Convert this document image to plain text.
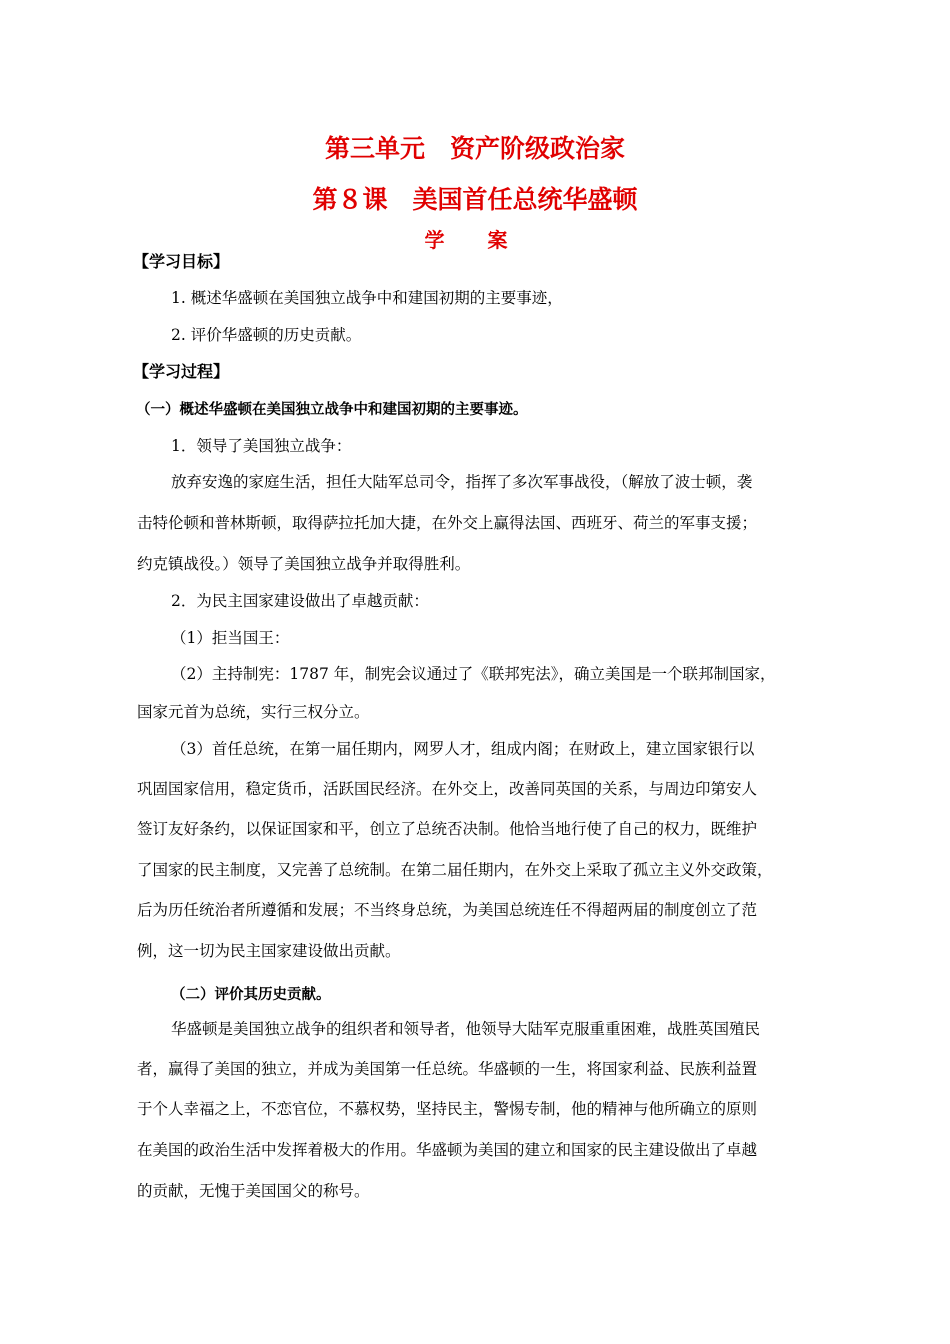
第三单元　资产阶级政治家
第８课　美国首任总统华盛顿
学 案
【学习目标】
1. 概述华盛顿在美国独立战争中和建国初期的主要事迹，
2. 评价华盛顿的历史贡献。
【学习过程】
（一）概述华盛顿在美国独立战争中和建国初期的主要事迹。
1．领导了美国独立战争：
放弃安逸的家庭生活，担任大陆军总司令，指挥了多次军事战役，（解放了波士顿，袭
击特伦顿和普林斯顿，取得萨拉托加大捷，在外交上赢得法国、西班牙、荷兰的军事支援；
约克镇战役。）领导了美国独立战争并取得胜利。
2．为民主国家建设做出了卓越贡献：
（1）拒当国王：
（2）主持制宪：1787 年，制宪会议通过了《联邦宪法》，确立美国是一个联邦制国家，
国家元首为总统，实行三权分立。
（3）首任总统，在第一届任期内，网罗人才，组成内阁；在财政上，建立国家银行以
巩固国家信用，稳定货币，活跃国民经济。在外交上，改善同英国的关系，与周边印第安人
签订友好条约，以保证国家和平，创立了总统否决制。他恰当地行使了自己的权力，既维护
了国家的民主制度，又完善了总统制。在第二届任期内，在外交上采取了孤立主义外交政策，
后为历任统治者所遵循和发展；不当终身总统，为美国总统连任不得超两届的制度创立了范
例，这一切为民主国家建设做出贡献。
（二）评价其历史贡献。
华盛顿是美国独立战争的组织者和领导者，他领导大陆军克服重重困难，战胜英国殖民
者，赢得了美国的独立，并成为美国第一任总统。华盛顿的一生，将国家利益、民族利益置
于个人幸福之上，不恋官位，不慕权势，坚持民主，警惕专制，他的精神与他所确立的原则
在美国的政治生活中发挥着极大的作用。华盛顿为美国的建立和国家的民主建设做出了卓越
的贡献，无愧于美国国父的称号。
